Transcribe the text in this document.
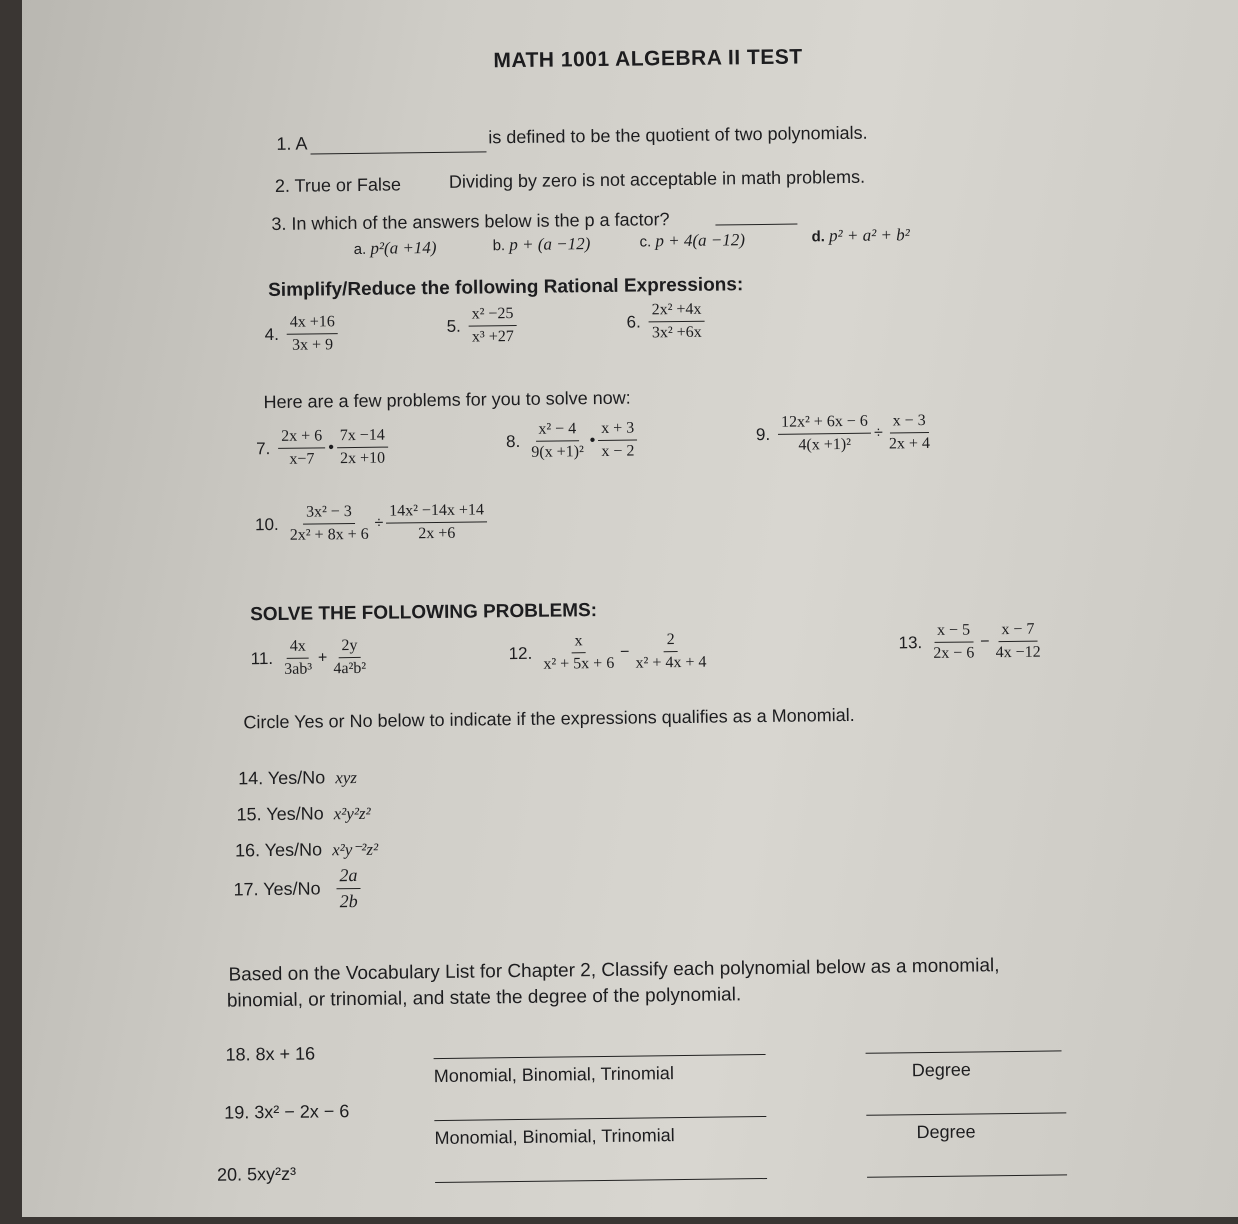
MATH 1001 ALGEBRA II TEST
1. A	is defined to be the quotient of two polynomials.
2. True or False	Dividing by zero is not acceptable in math problems.
3. In which of the answers below is the p a factor?
a. p²(a +14)	b. p + (a −12)	c. p + 4(a −12)	d. p² + a² + b²
Simplify/Reduce the following Rational Expressions:
4. $\frac{4x +16}{3x + 9}$	5. $\frac{\text{x² −25}}{\text{x³ +27}}$	6. $\frac{\text{2x² +4x}}{\text{3x² +6x}}$
Here are a few problems for you to solve now:
7. $\frac{2x + 6}{x-7}$ • $\frac{7x -14}{2x +10}$	8. $\frac{\text{x² − 4}}{\text{9(x +1)²}}$ • $\frac{x + 3}{x - 2}$	9. $\frac{\text{12x² + 6x − 6}}{\text{4(x +1)²}} \div \frac{x - 3}{2x + 4}$
10. $\frac{\text{3x² − 3}}{\text{2x² + 8x + 6}} \div \frac{\text{14x² −14x +14}}{2x +6}$
SOLVE THE FOLLOWING PROBLEMS:
11. $\frac{4x}{\text{3ab³}} + \frac{2y}{\text{4a²b²}}$	12. $\frac{x}{\text{x² + 5x + 6}} - \frac{2}{\text{x² + 4x + 4}}$	13. $\frac{x - 5}{2x - 6} - \frac{x - 7}{4x -12}$
Circle Yes or No below to indicate if the expressions qualifies as a Monomial.
14. Yes/No xyz
15. Yes/No x²y²z²
16. Yes/No x²y⁻²z²
17. $Yes/No \frac{2a}{2b}$
Based on the Vocabulary List for Chapter 2, Classify each polynomial below as a monomial,
binomial, or trinomial, and state the degree of the polynomial.
18. 8x + 16
Monomial, Binomial, Trinomial	Degree
19. 3x² − 2x − 6
Monomial, Binomial, Trinomial	Degree
20. 5xy²z³
